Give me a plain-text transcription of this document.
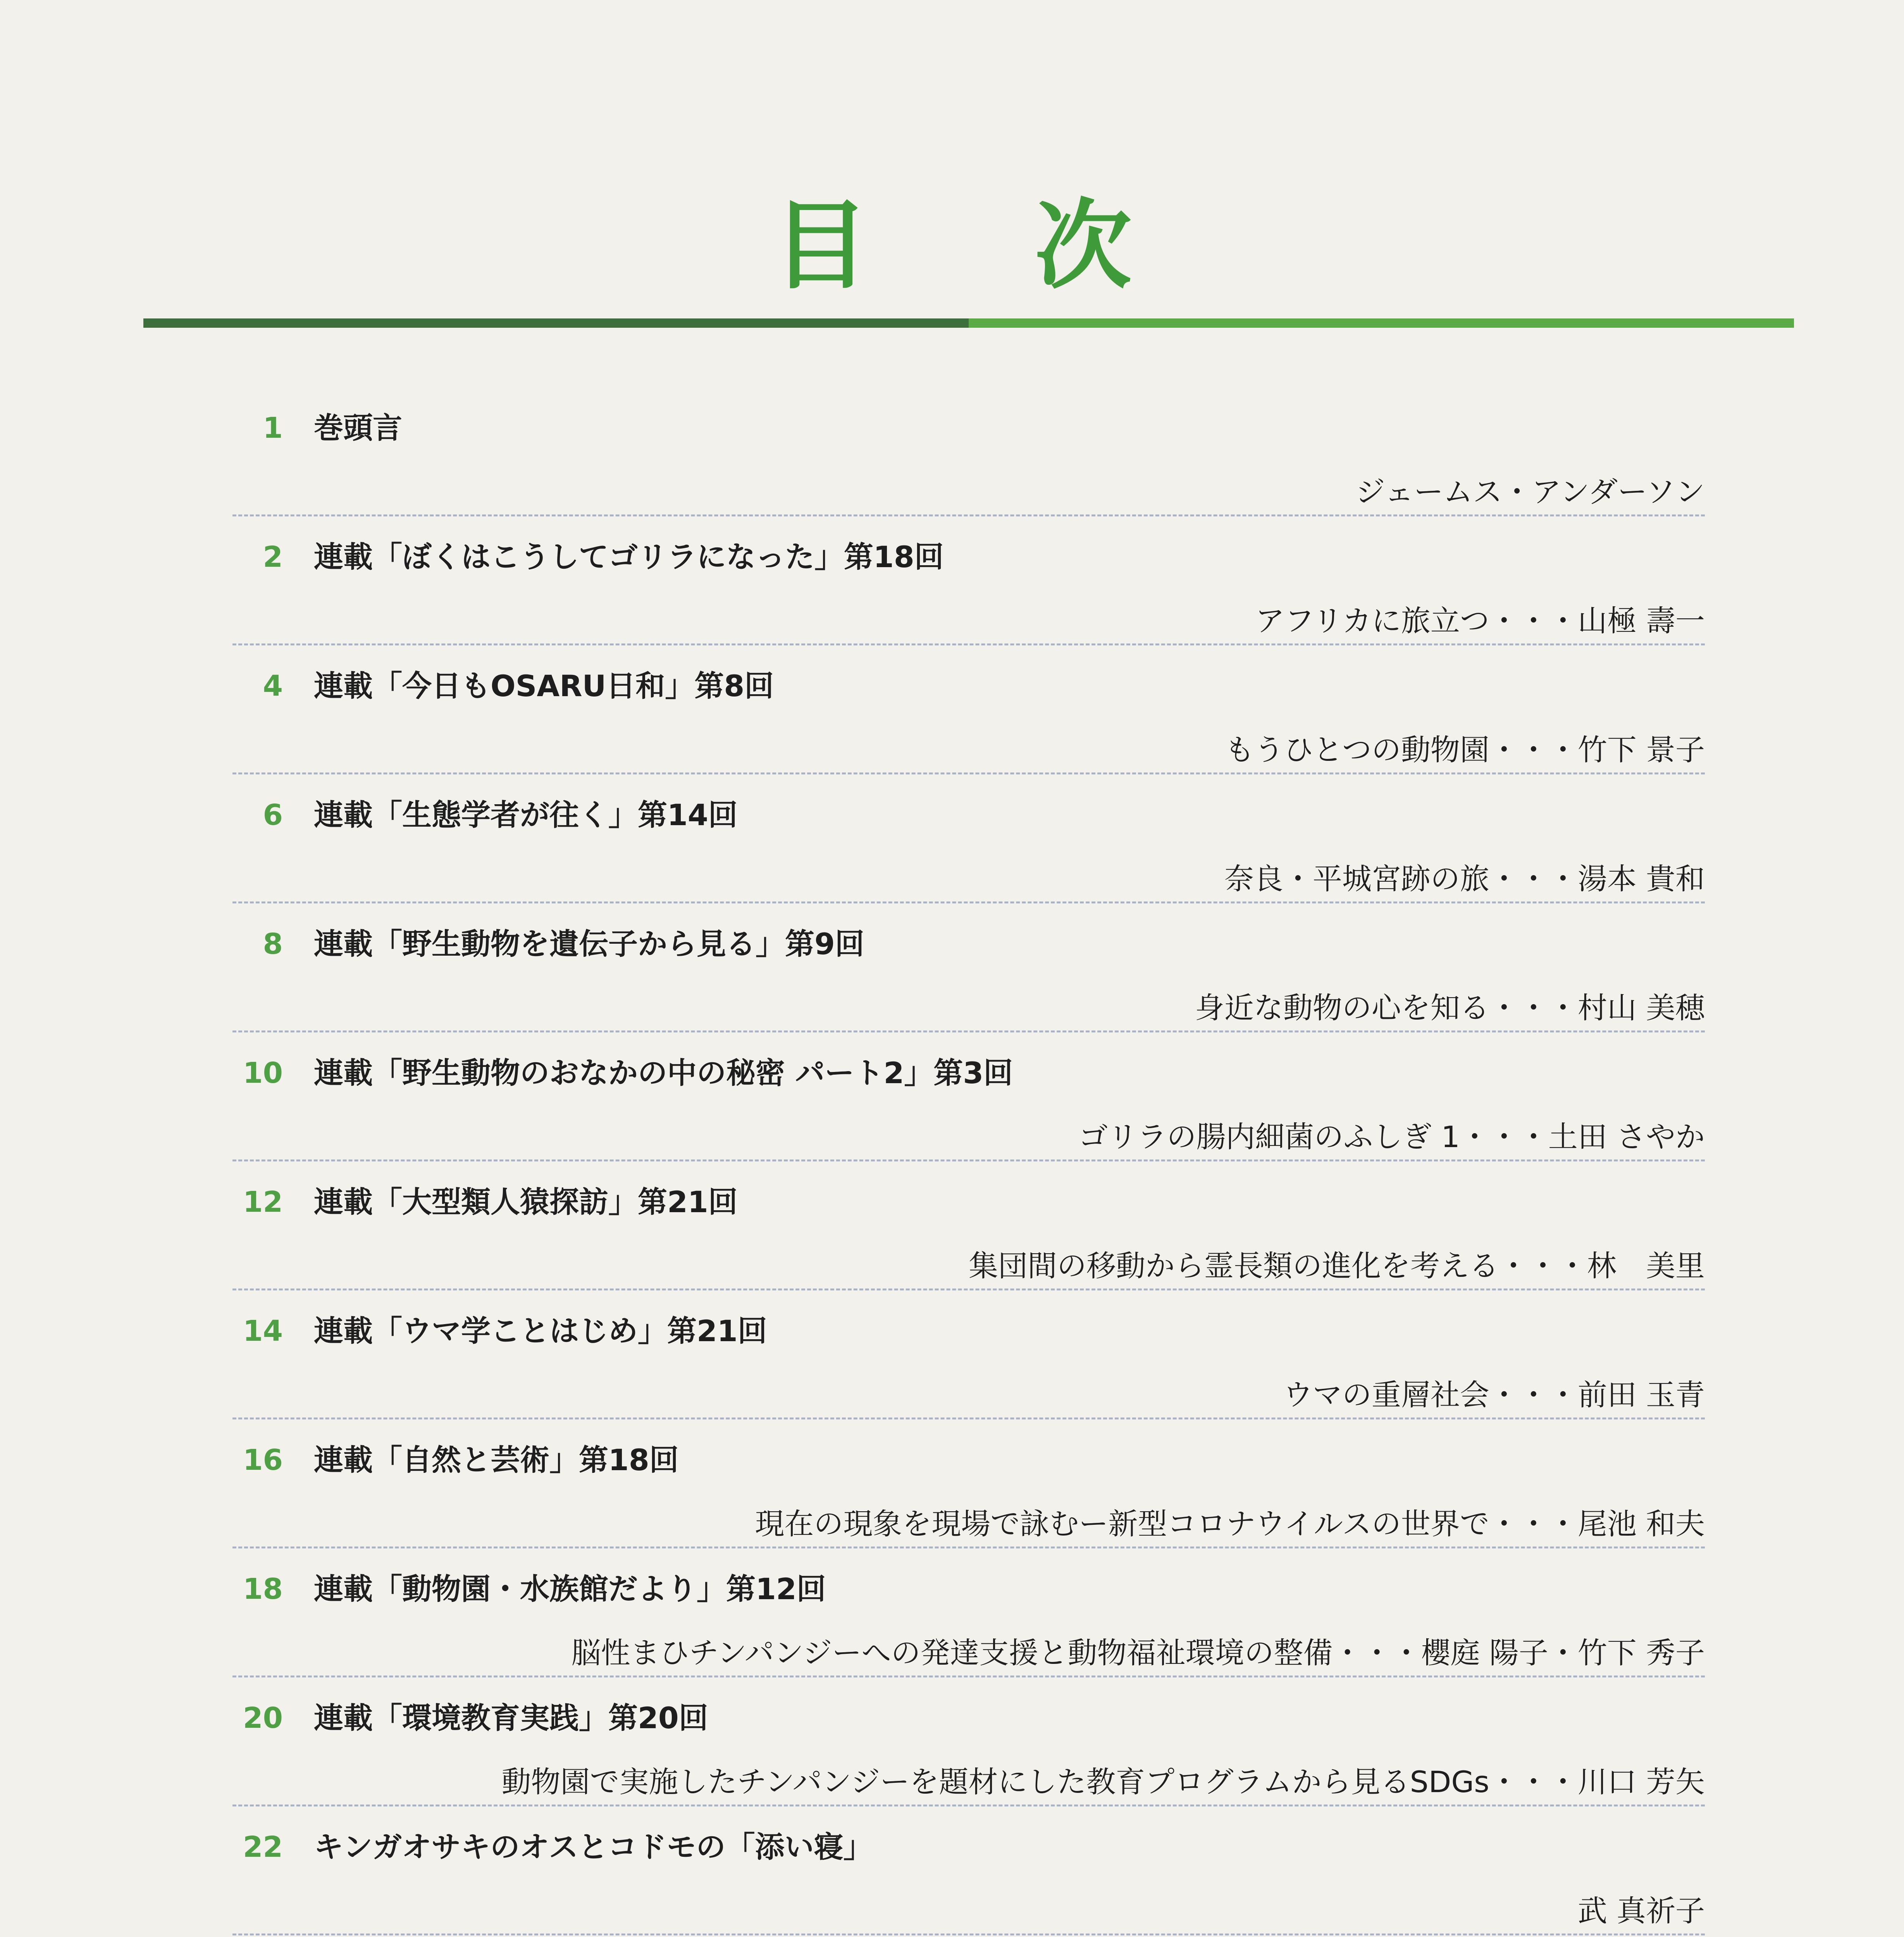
目 次
1 巻頭言
ジェームス・アンダーソン
2 連載「ぼくはこうしてゴリラになった」第18回
アフリカに旅立つ・・・山極 壽一
4 連載「今日もOSARU日和」第8回
もうひとつの動物園・・・竹下 景子
6 連載「生態学者が往く」第14回
奈良・平城宮跡の旅・・・湯本 貴和
8 連載「野生動物を遺伝子から見る」第9回
身近な動物の心を知る・・・村山 美穂
10 連載「野生動物のおなかの中の秘密 パート2」第3回
ゴリラの腸内細菌のふしぎ 1・・・土田 さやか
12 連載「大型類人猿探訪」第21回
集団間の移動から霊長類の進化を考える・・・林　美里
14 連載「ウマ学ことはじめ」第21回
ウマの重層社会・・・前田 玉青
16 連載「自然と芸術」第18回
現在の現象を現場で詠むー新型コロナウイルスの世界で・・・尾池 和夫
18 連載「動物園・水族館だより」第12回
脳性まひチンパンジーへの発達支援と動物福祉環境の整備・・・櫻庭 陽子・竹下 秀子
20 連載「環境教育実践」第20回
動物園で実施したチンパンジーを題材にした教育プログラムから見るSDGs・・・川口 芳矢
22 キンガオサキのオスとコドモの「添い寝」
武 真祈子
